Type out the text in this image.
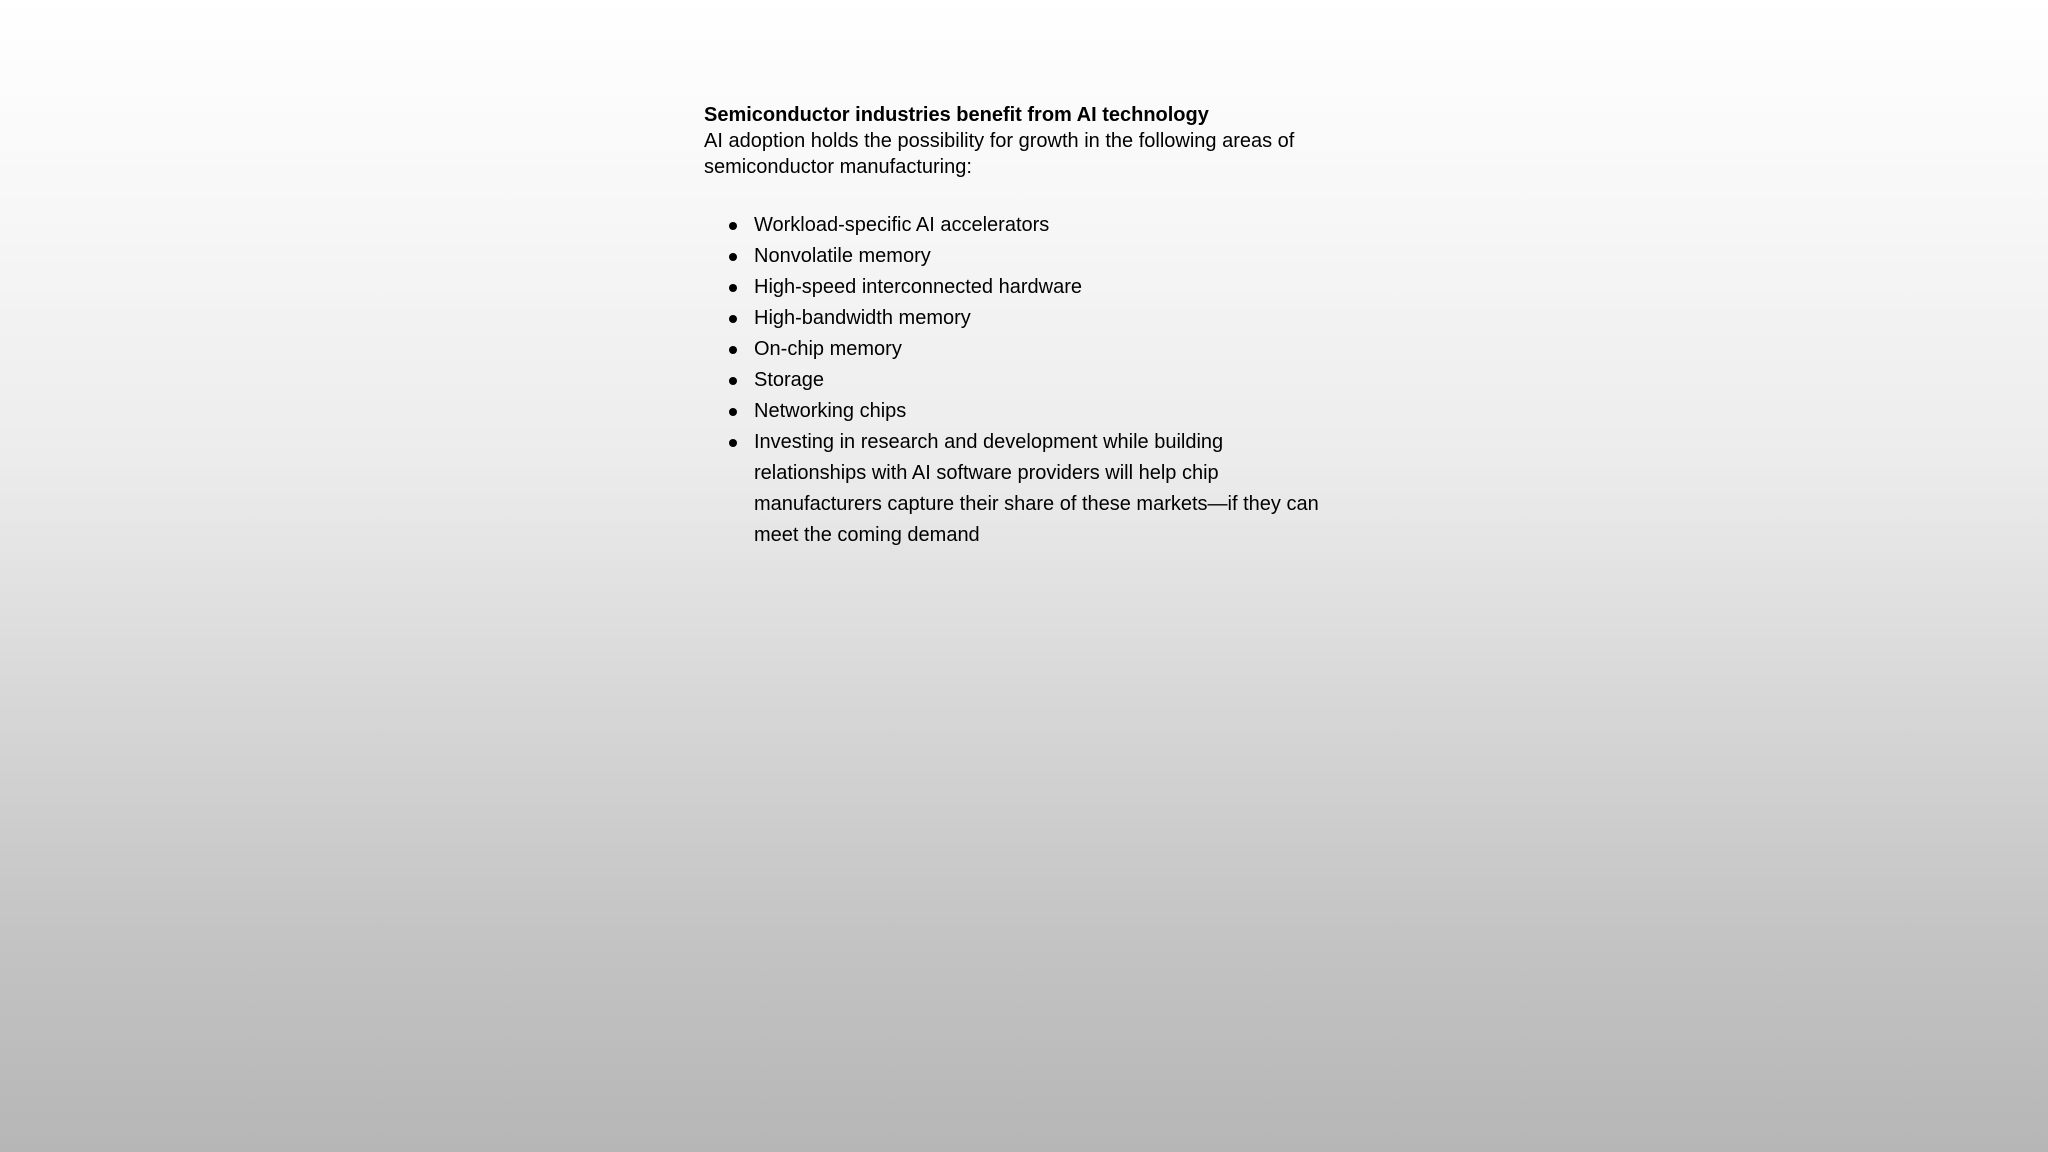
Semiconductor industries benefit from AI technology

AI adoption holds the possibility for growth in the following areas of semiconductor manufacturing:

Workload-specific AI accelerators
Nonvolatile memory
High-speed interconnected hardware
High-bandwidth memory
On-chip memory
Storage
Networking chips
Investing in research and development while building relationships with AI software providers will help chip manufacturers capture their share of these markets—if they can meet the coming demand
